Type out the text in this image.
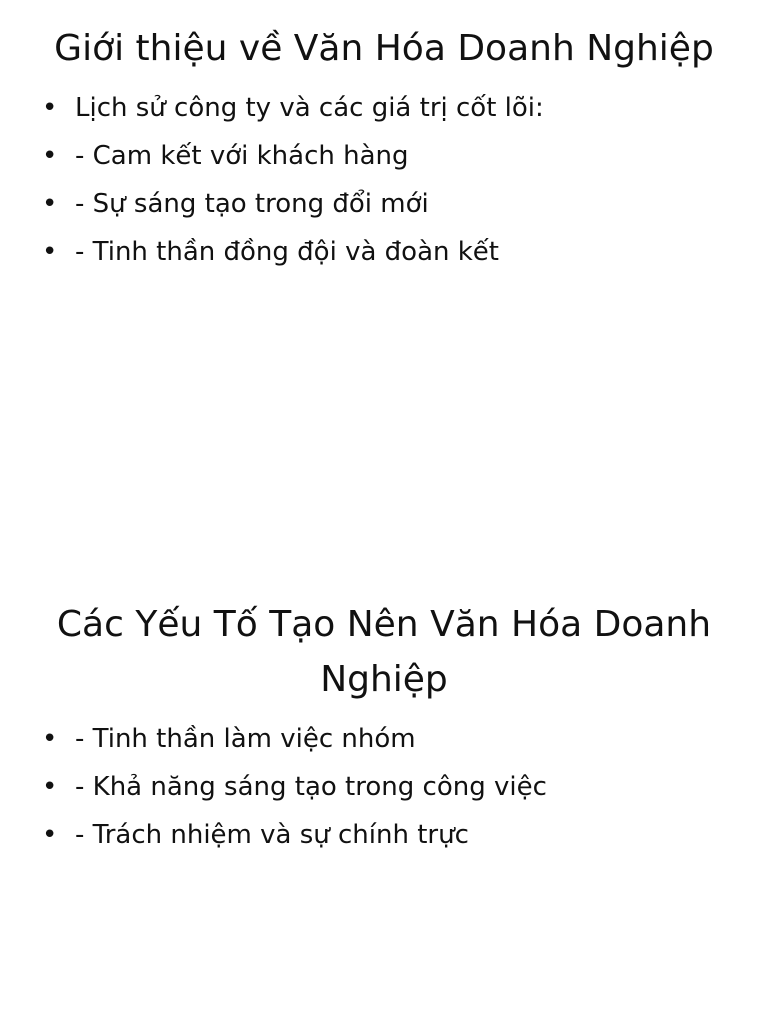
Giới thiệu về Văn Hóa Doanh Nghiệp
• Lịch sử công ty và các giá trị cốt lõi:
• - Cam kết với khách hàng
• - Sự sáng tạo trong đổi mới
• - Tinh thần đồng đội và đoàn kết
Các Yếu Tố Tạo Nên Văn Hóa Doanh Nghiệp
• - Tinh thần làm việc nhóm
• - Khả năng sáng tạo trong công việc
• - Trách nhiệm và sự chính trực
